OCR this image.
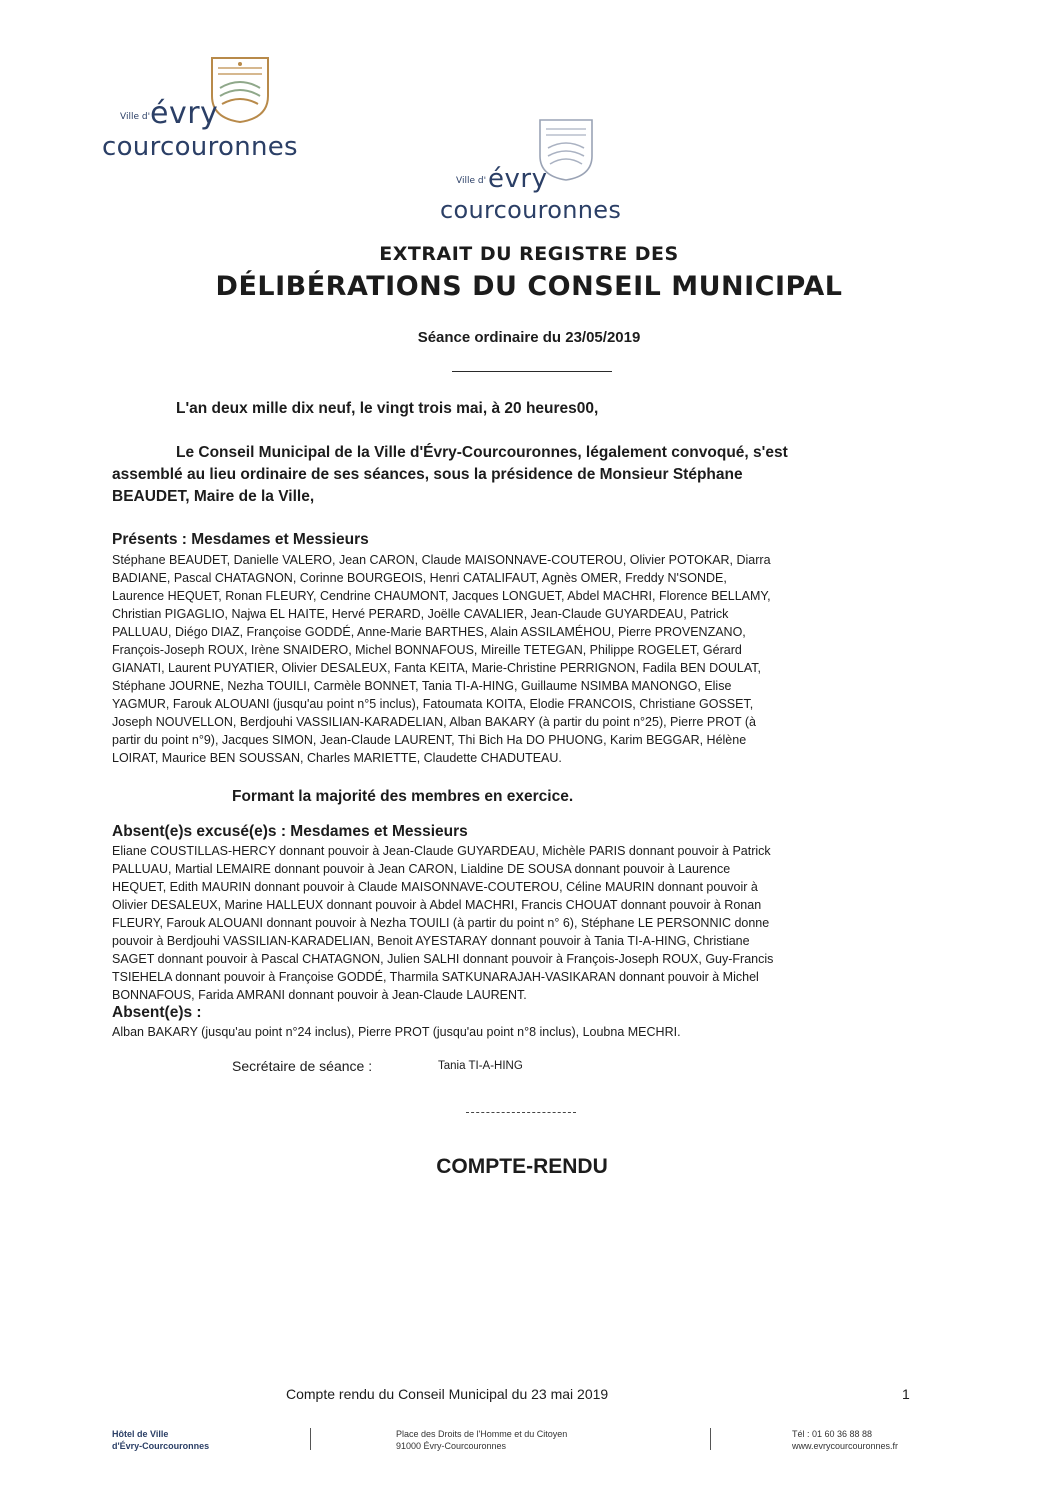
Ville d' évry
courcouronnes
Ville d' évry
courcouronnes
EXTRAIT DU REGISTRE DES
DÉLIBÉRATIONS DU CONSEIL MUNICIPAL
Séance ordinaire du 23/05/2019
L'an deux mille dix neuf, le vingt trois mai, à 20 heures00,
Le Conseil Municipal de la Ville d'Évry-Courcouronnes, légalement convoqué, s'est
assemblé au lieu ordinaire de ses séances, sous la présidence de Monsieur Stéphane
BEAUDET, Maire de la Ville,
Présents : Mesdames et Messieurs
Stéphane BEAUDET, Danielle VALERO, Jean CARON, Claude MAISONNAVE-COUTEROU, Olivier POTOKAR, Diarra
BADIANE, Pascal CHATAGNON, Corinne BOURGEOIS, Henri CATALIFAUT, Agnès OMER, Freddy N'SONDE,
Laurence HEQUET, Ronan FLEURY, Cendrine CHAUMONT, Jacques LONGUET, Abdel MACHRI, Florence BELLAMY,
Christian PIGAGLIO, Najwa EL HAITE, Hervé PERARD, Joëlle CAVALIER, Jean-Claude GUYARDEAU, Patrick
PALLUAU, Diégo DIAZ, Françoise GODDÉ, Anne-Marie BARTHES, Alain ASSILAMÉHOU, Pierre PROVENZANO,
François-Joseph ROUX, Irène SNAIDERO, Michel BONNAFOUS, Mireille TETEGAN, Philippe ROGELET, Gérard
GIANATI, Laurent PUYATIER, Olivier DESALEUX, Fanta KEITA, Marie-Christine PERRIGNON, Fadila BEN DOULAT,
Stéphane JOURNE, Nezha TOUILI, Carmèle BONNET, Tania TI-A-HING, Guillaume NSIMBA MANONGO, Elise
YAGMUR, Farouk ALOUANI (jusqu'au point n°5 inclus), Fatoumata KOITA, Elodie FRANCOIS, Christiane GOSSET,
Joseph NOUVELLON, Berdjouhi VASSILIAN-KARADELIAN, Alban BAKARY (à partir du point n°25), Pierre PROT (à
partir du point n°9), Jacques SIMON, Jean-Claude LAURENT, Thi Bich Ha DO PHUONG, Karim BEGGAR, Hélène
LOIRAT, Maurice BEN SOUSSAN, Charles MARIETTE, Claudette CHADUTEAU.
Formant la majorité des membres en exercice.
Absent(e)s excusé(e)s : Mesdames et Messieurs
Eliane COUSTILLAS-HERCY donnant pouvoir à Jean-Claude GUYARDEAU, Michèle PARIS donnant pouvoir à Patrick
PALLUAU, Martial LEMAIRE donnant pouvoir à Jean CARON, Lialdine DE SOUSA donnant pouvoir à Laurence
HEQUET, Edith MAURIN donnant pouvoir à Claude MAISONNAVE-COUTEROU, Céline MAURIN donnant pouvoir à
Olivier DESALEUX, Marine HALLEUX donnant pouvoir à Abdel MACHRI, Francis CHOUAT donnant pouvoir à Ronan
FLEURY, Farouk ALOUANI donnant pouvoir à Nezha TOUILI (à partir du point n° 6), Stéphane LE PERSONNIC donne
pouvoir à Berdjouhi VASSILIAN-KARADELIAN, Benoit AYESTARAY donnant pouvoir à Tania TI-A-HING, Christiane
SAGET donnant pouvoir à Pascal CHATAGNON, Julien SALHI donnant pouvoir à François-Joseph ROUX, Guy-Francis
TSIEHELA donnant pouvoir à Françoise GODDÉ, Tharmila SATKUNARAJAH-VASIKARAN donnant pouvoir à Michel
BONNAFOUS, Farida AMRANI donnant pouvoir à Jean-Claude LAURENT.
Absent(e)s :
Alban BAKARY (jusqu'au point n°24 inclus), Pierre PROT (jusqu'au point n°8 inclus), Loubna MECHRI.
Secrétaire de séance :	Tania TI-A-HING
COMPTE-RENDU
Compte rendu du Conseil Municipal du 23 mai 2019	1
Hôtel de Ville
d'Évry-Courcouronnes
Place des Droits de l'Homme et du Citoyen
91000 Évry-Courcouronnes
Tél : 01 60 36 88 88
www.evrycourcouronnes.fr
